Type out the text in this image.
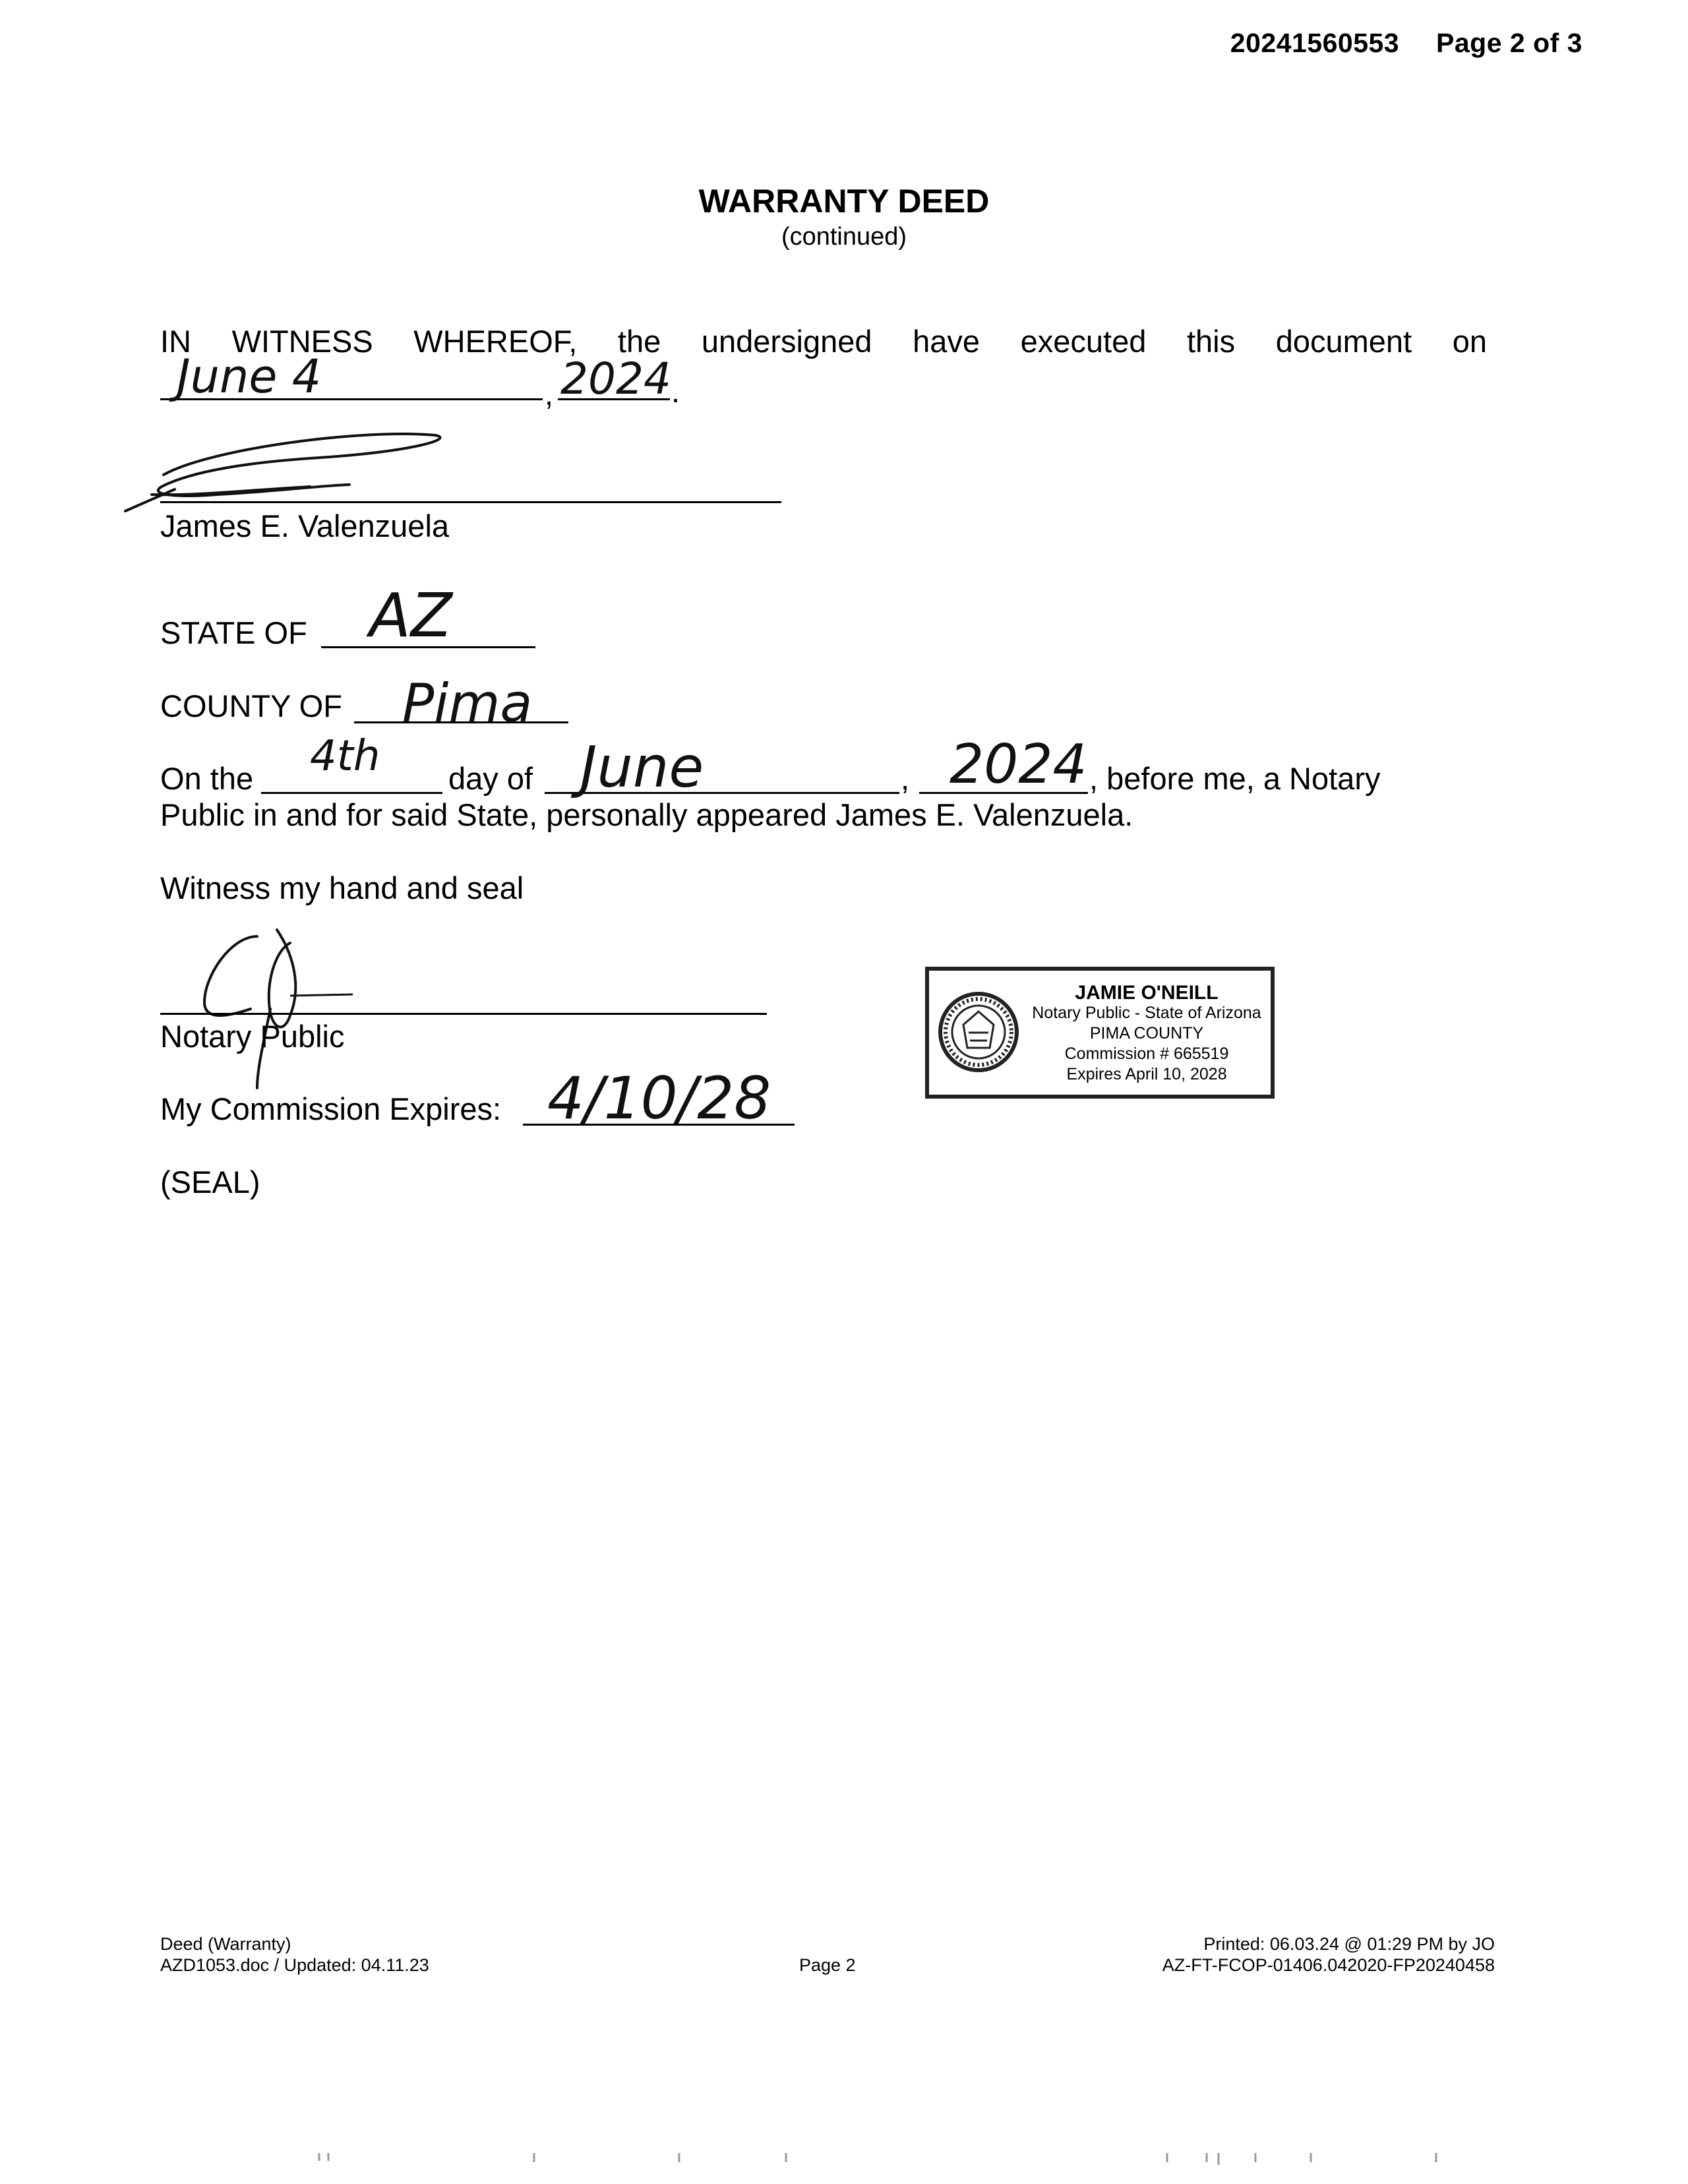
20241560553 Page 2 of 3
WARRANTY DEED
(continued)
IN WITNESS WHEREOF, the undersigned have executed this document on
June 4	, 2024 .
James E. Valenzuela
STATE OF AZ
COUNTY OF Pima
On the 4th day of June	, 2024 , before me, a Notary
Public in and for said State, personally appeared James E. Valenzuela.
Witness my hand and seal
Notary Public
My Commission Expires: 4/10/28
(SEAL)
JAMIE O'NEILL
Notary Public - State of Arizona
PIMA COUNTY
Commission # 665519
Expires April 10, 2028
Deed (Warranty)
AZD1053.doc / Updated: 04.11.23	Page 2
Printed: 06.03.24 @ 01:29 PM by JO
AZ-FT-FCOP-01406.042020-FP20240458
